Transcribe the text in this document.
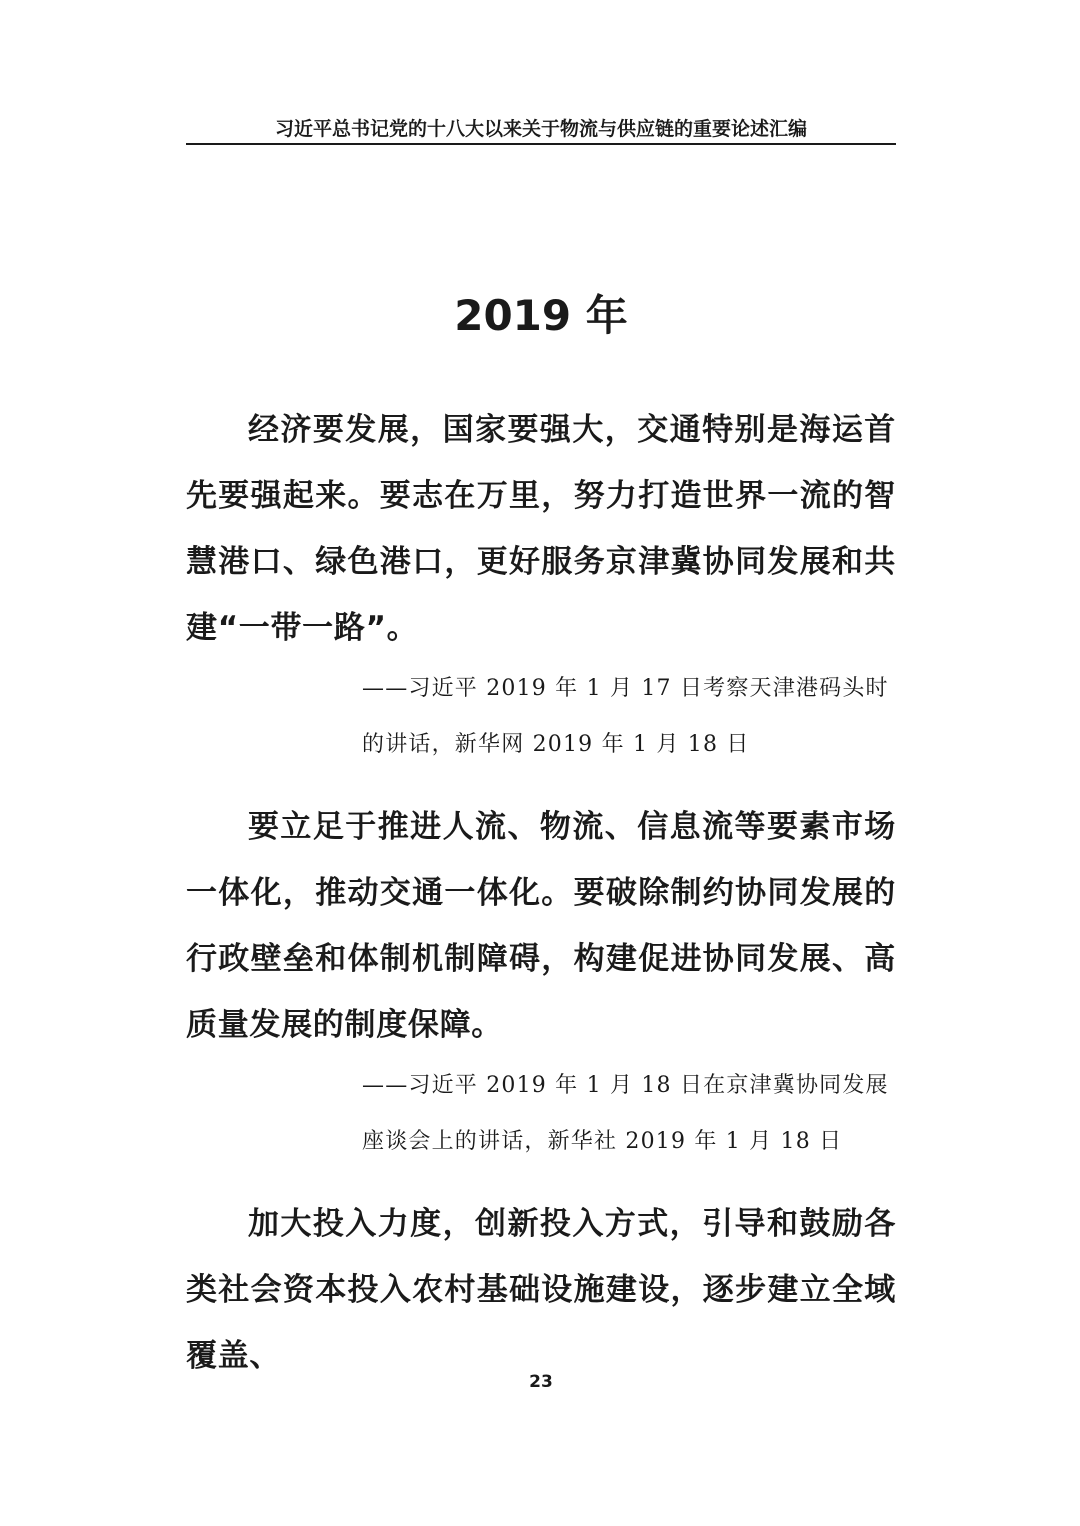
习近平总书记党的十八大以来关于物流与供应链的重要论述汇编
2019 年

经济要发展，国家要强大，交通特别是海运首先要强起来。要志在万里，努力打造世界一流的智慧港口、绿色港口，更好服务京津冀协同发展和共建“一带一路”。

——习近平 2019 年 1 月 17 日考察天津港码头时的讲话，新华网 2019 年 1 月 18 日

要立足于推进人流、物流、信息流等要素市场一体化，推动交通一体化。要破除制约协同发展的行政壁垒和体制机制障碍，构建促进协同发展、高质量发展的制度保障。

——习近平 2019 年 1 月 18 日在京津冀协同发展座谈会上的讲话，新华社 2019 年 1 月 18 日

加大投入力度，创新投入方式，引导和鼓励各类社会资本投入农村基础设施建设，逐步建立全域覆盖、

23
